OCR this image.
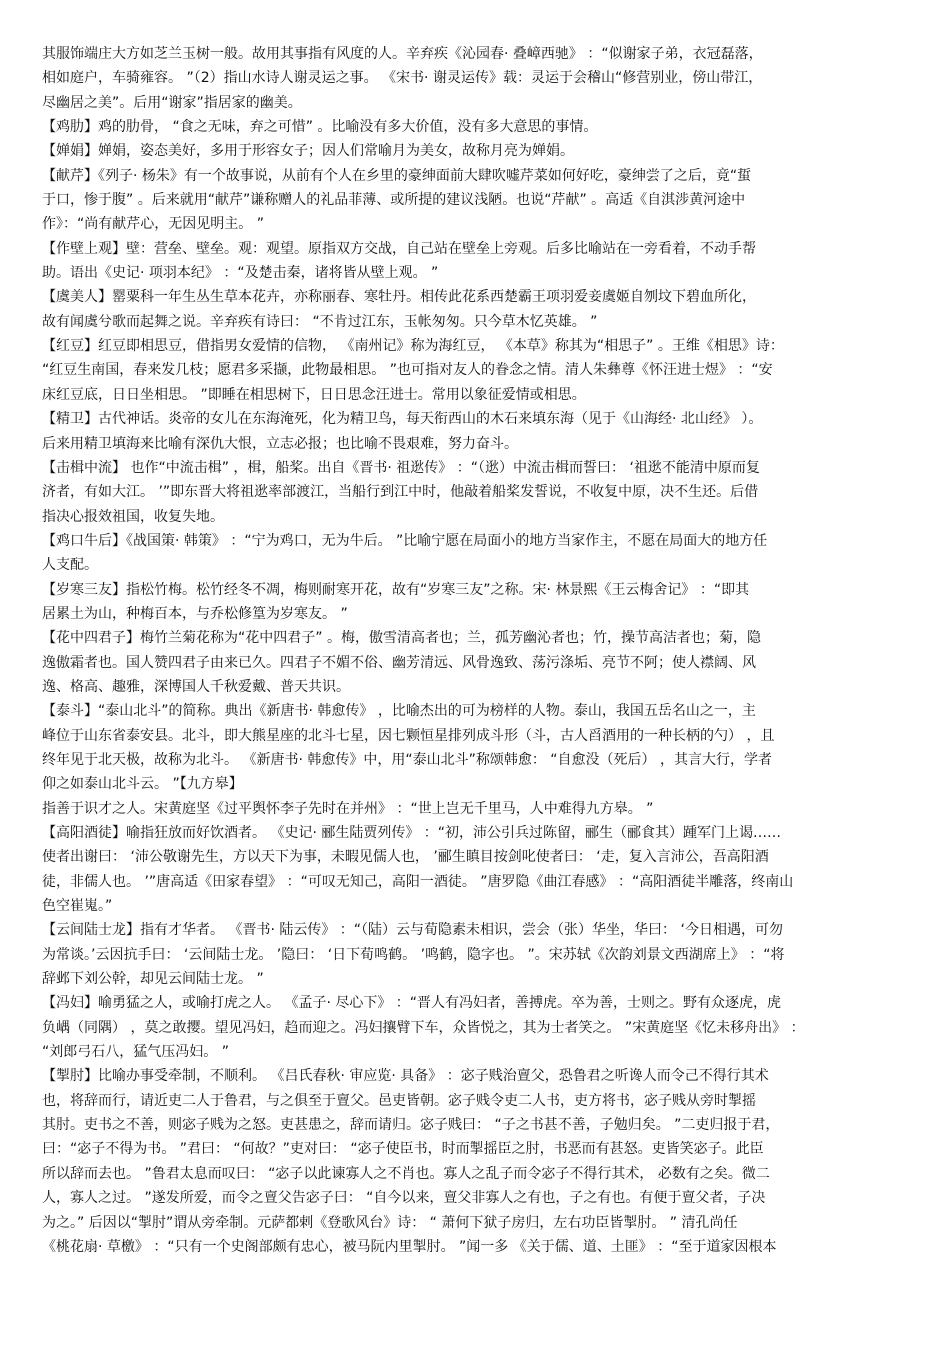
其服饰端庄大方如芝兰玉树一般。故用其事指有风度的人。辛弃疾《沁园春· 叠嶂西驰》 ：“似谢家子弟，衣冠磊落，
相如庭户，车骑雍容。 ”（2）指山水诗人谢灵运之事。 《宋书· 谢灵运传》载：灵运于会稽山“修营别业，傍山带江，
尽幽居之美”。后用“谢家”指居家的幽美。
【鸡肋】鸡的肋骨， “食之无味，弃之可惜” 。比喻没有多大价值，没有多大意思的事情。
【婵娟】婵娟，姿态美好，多用于形容女子；因人们常喻月为美女，故称月亮为婵娟。
【献芹】《列子· 杨朱》有一个故事说，从前有个人在乡里的豪绅面前大肆吹嘘芹菜如何好吃，豪绅尝了之后，竟“蜇
于口，惨于腹” 。后来就用“献芹”谦称赠人的礼品菲薄、或所提的建议浅陋。也说“芹献” 。高适《自淇涉黄河途中
作》：“尚有献芹心，无因见明主。 ”
【作壁上观】壁：营垒、壁垒。观：观望。原指双方交战，自己站在壁垒上旁观。后多比喻站在一旁看着，不动手帮
助。语出《史记· 项羽本纪》 ：“及楚击秦，诸将皆从壁上观。 ”
【虞美人】罂粟科一年生丛生草本花卉，亦称丽春、寒牡丹。相传此花系西楚霸王项羽爱妾虞姬自刎坟下碧血所化，
故有闻虞兮歌而起舞之说。辛弃疾有诗曰： “不肯过江东，玉帐匆匆。只今草木忆英雄。 ”
【红豆】红豆即相思豆，借指男女爱情的信物， 《南州记》称为海红豆， 《本草》称其为“相思子” 。王维《相思》诗：
“红豆生南国，春来发几枝；愿君多采撷，此物最相思。 ”也可指对友人的眷念之情。清人朱彝尊《怀汪进士煜》 ：“安
床红豆底，日日坐相思。 ”即睡在相思树下，日日思念汪进士。常用以象征爱情或相思。
【精卫】古代神话。炎帝的女儿在东海淹死，化为精卫鸟，每天衔西山的木石来填东海（见于《山海经· 北山经》 ）。
后来用精卫填海来比喻有深仇大恨，立志必报；也比喻不畏艰难，努力奋斗。
【击楫中流】 也作“中流击楫” ，楫，船桨。出自《晋书· 祖逖传》 ：“（逖）中流击楫而誓曰： ‘祖逖不能清中原而复
济者，有如大江。 ’”即东晋大将祖逖率部渡江，当船行到江中时，他敲着船桨发誓说，不收复中原，决不生还。后借
指决心报效祖国，收复失地。
【鸡口牛后】《战国策· 韩策》 ：“宁为鸡口，无为牛后。 ”比喻宁愿在局面小的地方当家作主，不愿在局面大的地方任
人支配。
【岁寒三友】指松竹梅。松竹经冬不凋，梅则耐寒开花，故有“岁寒三友”之称。宋· 林景熙《王云梅舍记》 ：“即其
居累土为山，种梅百本，与乔松修篁为岁寒友。 ”
【花中四君子】梅竹兰菊花称为“花中四君子” 。梅，傲雪清高者也；兰，孤芳幽沁者也；竹，操节高洁者也；菊，隐
逸傲霜者也。国人赞四君子由来已久。四君子不媚不俗、幽芳清远、风骨逸致、荡污涤垢、亮节不阿；使人襟阔、风
逸、格高、趣雅，深博国人千秋爱戴、普天共识。
【泰斗】“泰山北斗”的简称。典出《新唐书· 韩愈传》 ，比喻杰出的可为榜样的人物。泰山，我国五岳名山之一，主
峰位于山东省泰安县。北斗，即大熊星座的北斗七星，因七颗恒星排列成斗形（斗，古人舀酒用的一种长柄的勺） ，且
终年见于北天极，故称为北斗。 《新唐书· 韩愈传》中，用“泰山北斗”称颂韩愈： “自愈没（死后） ，其言大行，学者
仰之如泰山北斗云。 ”【九方皋】
指善于识才之人。宋黄庭坚《过平舆怀李子先时在并州》 ：“世上岂无千里马，人中难得九方皋。 ”
【高阳酒徒】喻指狂放而好饮酒者。 《史记· 郦生陆贾列传》 ：“初，沛公引兵过陈留，郦生（郦食其）踵军门上谒……
使者出谢曰： ‘沛公敬谢先生，方以天下为事，未暇见儒人也， ’郦生瞋目按剑叱使者曰： ‘走，复入言沛公，吾高阳酒
徒，非儒人也。 ’”唐高适《田家春望》 ：“可叹无知己，高阳一酒徒。 ”唐罗隐《曲江春感》 ：“高阳酒徒半雕落，终南山
色空崔嵬。”
【云间陆士龙】指有才华者。 《晋书· 陆云传》 ：“（陆）云与荀隐素未相识，尝会（张）华坐，华曰： ‘今日相遇，可勿
为常谈。’云因抗手曰： ‘云间陆士龙。 ’隐曰： ‘日下荀鸣鹤。 ’鸣鹤，隐字也。 ”。宋苏轼《次韵刘景文西湖席上》 ：“将
辞邺下刘公幹，却见云间陆士龙。 ”
【冯妇】喻勇猛之人，或喻打虎之人。 《孟子· 尽心下》 ：“晋人有冯妇者，善搏虎。卒为善，士则之。野有众逐虎，虎
负嵎（同隅） ，莫之敢撄。望见冯妇，趋而迎之。冯妇攘臂下车，众皆悦之，其为士者笑之。 ”宋黄庭坚《忆未移舟出》 ：
“刘郎弓石八，猛气压冯妇。 ”
【掣肘】比喻办事受牵制，不顺利。 《吕氏春秋· 审应览· 具备》 ：宓子贱治亶父，恐鲁君之听谗人而令己不得行其术
也，将辞而行，请近吏二人于鲁君，与之俱至于亶父。邑吏皆朝。宓子贱令吏二人书，吏方将书，宓子贱从旁时掣摇
其肘。吏书之不善，则宓子贱为之怒。吏甚患之，辞而请归。宓子贱曰： “子之书甚不善，子勉归矣。 ”二吏归报于君，
曰：“宓子不得为书。 ”君曰： “何故？”吏对曰： “宓子使臣书，时而掣摇臣之肘，书恶而有甚怒。吏皆笑宓子。此臣
所以辞而去也。 ”鲁君太息而叹曰： “宓子以此谏寡人之不肖也。寡人之乱子而令宓子不得行其术， 必数有之矣。微二
人，寡人之过。 ”遂发所爱，而令之亶父告宓子曰： “自今以来，亶父非寡人之有也，子之有也。有便于亶父者，子决
为之。” 后因以“掣肘”谓从旁牵制。元萨都剌《登歌风台》诗： “ 萧何下狱子房归，左右功臣皆掣肘。 ” 清孔尚任
《桃花扇· 草檄》 ：“只有一个史阁部颇有忠心，被马阮内里掣肘。 ”闻一多 《关于儒、道、土匪》 ：“至于道家因根本
